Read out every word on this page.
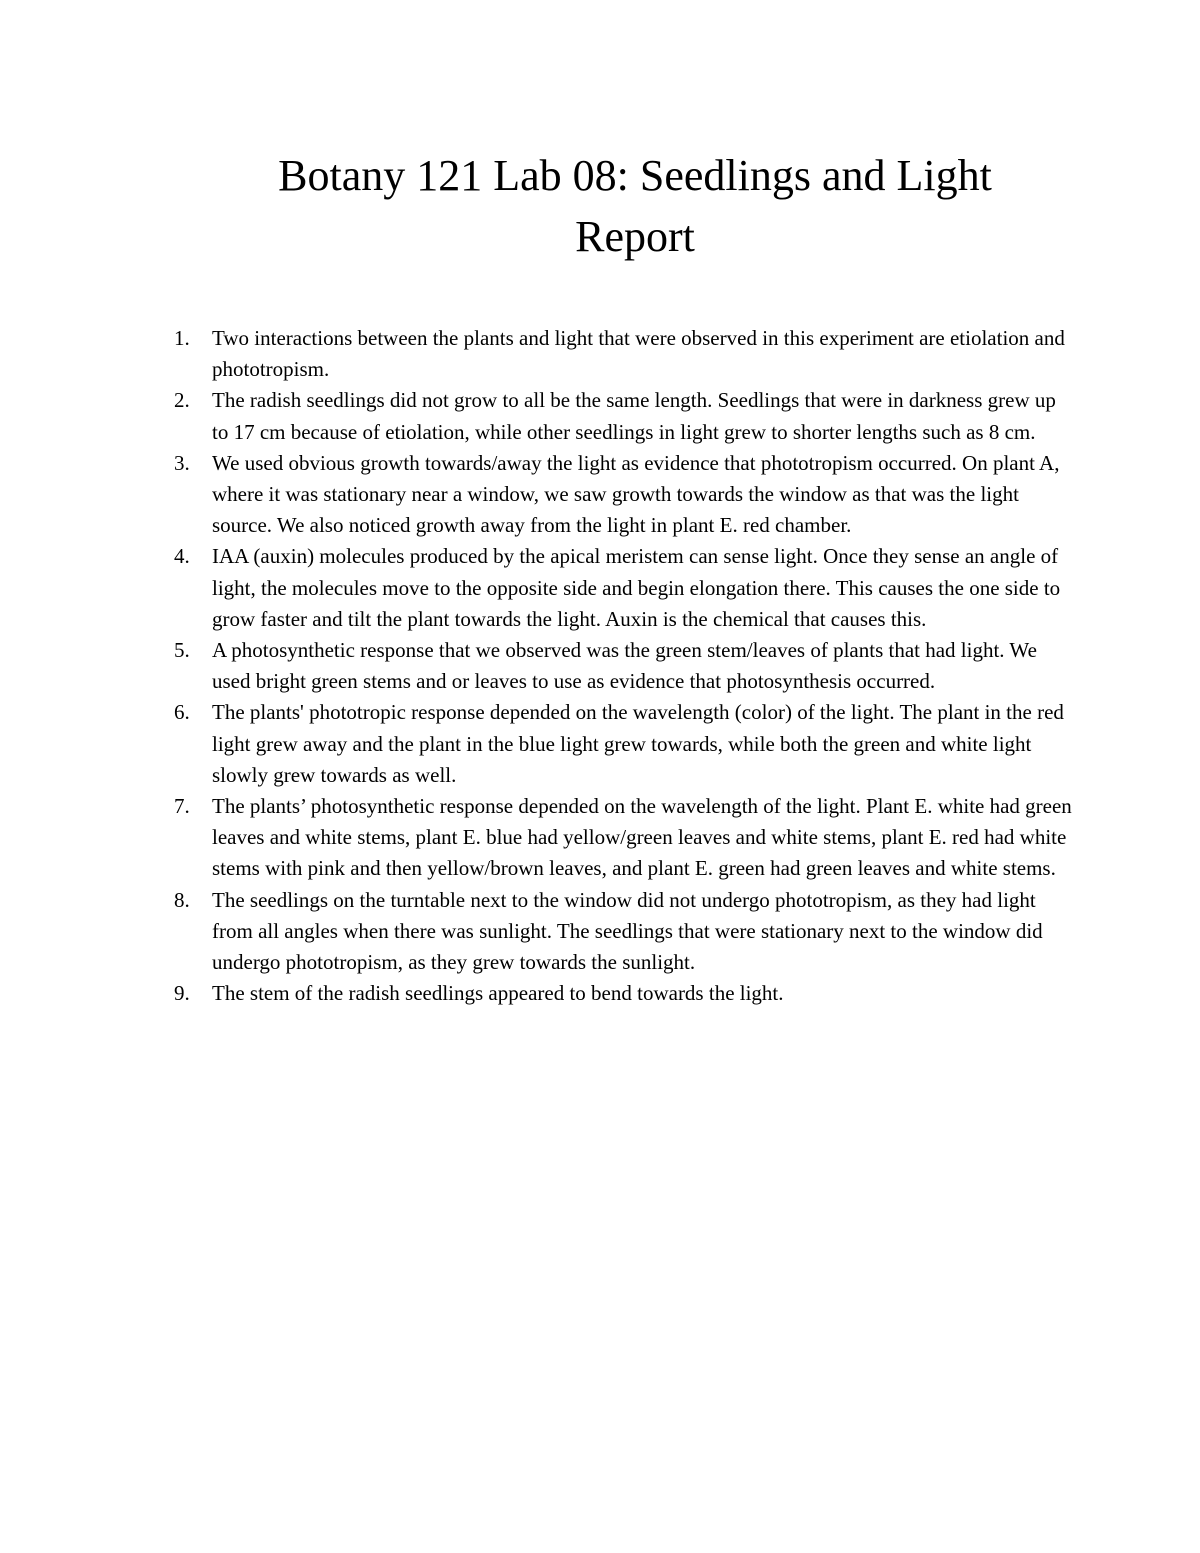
Botany 121 Lab 08: Seedlings and Light
Report
1. Two interactions between the plants and light that were observed in this experiment are etiolation and phototropism.
2. The radish seedlings did not grow to all be the same length. Seedlings that were in darkness grew up to 17 cm because of etiolation, while other seedlings in light grew to shorter lengths such as 8 cm.
3. We used obvious growth towards/away the light as evidence that phototropism occurred. On plant A, where it was stationary near a window, we saw growth towards the window as that was the light source. We also noticed growth away from the light in plant E. red chamber.
4. IAA (auxin) molecules produced by the apical meristem can sense light. Once they sense an angle of light, the molecules move to the opposite side and begin elongation there. This causes the one side to grow faster and tilt the plant towards the light. Auxin is the chemical that causes this.
5. A photosynthetic response that we observed was the green stem/leaves of plants that had light. We used bright green stems and or leaves to use as evidence that photosynthesis occurred.
6. The plants' phototropic response depended on the wavelength (color) of the light. The plant in the red light grew away and the plant in the blue light grew towards, while both the green and white light slowly grew towards as well.
7. The plants’ photosynthetic response depended on the wavelength of the light. Plant E. white had green leaves and white stems, plant E. blue had yellow/green leaves and white stems, plant E. red had white stems with pink and then yellow/brown leaves, and plant E. green had green leaves and white stems.
8. The seedlings on the turntable next to the window did not undergo phototropism, as they had light from all angles when there was sunlight. The seedlings that were stationary next to the window did undergo phototropism, as they grew towards the sunlight.
9. The stem of the radish seedlings appeared to bend towards the light.
